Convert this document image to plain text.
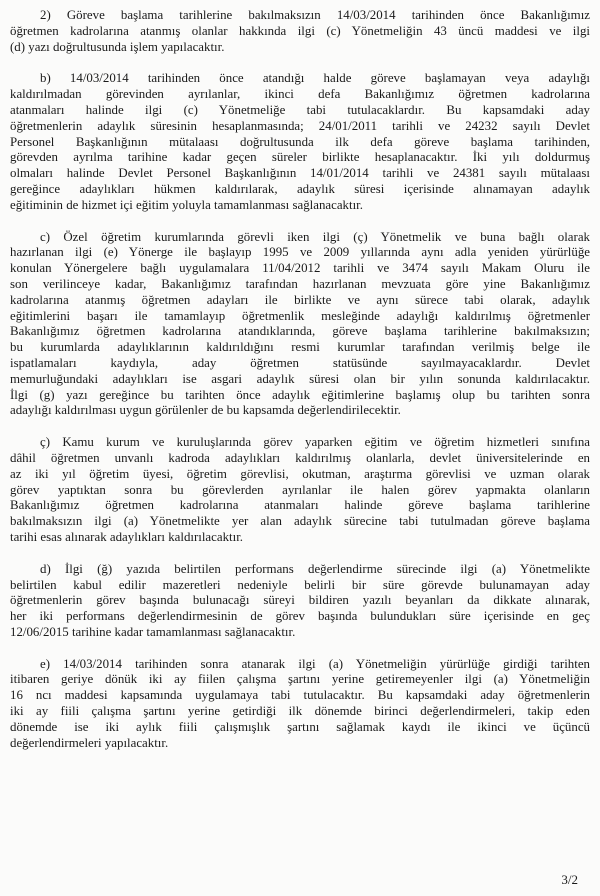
2) Göreve başlama tarihlerine bakılmaksızın 14/03/2014 tarihinden önce Bakanlığımız
öğretmen kadrolarına atanmış olanlar hakkında ilgi (c) Yönetmeliğin 43 üncü maddesi ve ilgi
(d) yazı doğrultusunda işlem yapılacaktır.
b) 14/03/2014 tarihinden önce atandığı halde göreve başlamayan veya adaylığı
kaldırılmadan görevinden ayrılanlar, ikinci defa Bakanlığımız öğretmen kadrolarına
atanmaları halinde ilgi (c) Yönetmeliğe tabi tutulacaklardır. Bu kapsamdaki aday
öğretmenlerin adaylık süresinin hesaplanmasında; 24/01/2011 tarihli ve 24232 sayılı Devlet
Personel Başkanlığının mütalaası doğrultusunda ilk defa göreve başlama tarihinden,
görevden ayrılma tarihine kadar geçen süreler birlikte hesaplanacaktır. İki yılı doldurmuş
olmaları halinde Devlet Personel Başkanlığının 14/01/2014 tarihli ve 24381 sayılı mütalaası
gereğince adaylıkları hükmen kaldırılarak, adaylık süresi içerisinde alınamayan adaylık
eğitiminin de hizmet içi eğitim yoluyla tamamlanması sağlanacaktır.
c) Özel öğretim kurumlarında görevli iken ilgi (ç) Yönetmelik ve buna bağlı olarak
hazırlanan ilgi (e) Yönerge ile başlayıp 1995 ve 2009 yıllarında aynı adla yeniden yürürlüğe
konulan Yönergelere bağlı uygulamalara 11/04/2012 tarihli ve 3474 sayılı Makam Oluru ile
son verilinceye kadar, Bakanlığımız tarafından hazırlanan mevzuata göre yine Bakanlığımız
kadrolarına atanmış öğretmen adayları ile birlikte ve aynı sürece tabi olarak, adaylık
eğitimlerini başarı ile tamamlayıp öğretmenlik mesleğinde adaylığı kaldırılmış öğretmenler
Bakanlığımız öğretmen kadrolarına atandıklarında, göreve başlama tarihlerine bakılmaksızın;
bu kurumlarda adaylıklarının kaldırıldığını resmi kurumlar tarafından verilmiş belge ile
ispatlamaları kaydıyla, aday öğretmen statüsünde sayılmayacaklardır. Devlet
memurluğundaki adaylıkları ise asgari adaylık süresi olan bir yılın sonunda kaldırılacaktır.
İlgi (g) yazı gereğince bu tarihten önce adaylık eğitimlerine başlamış olup bu tarihten sonra
adaylığı kaldırılması uygun görülenler de bu kapsamda değerlendirilecektir.
ç) Kamu kurum ve kuruluşlarında görev yaparken eğitim ve öğretim hizmetleri sınıfına
dâhil öğretmen unvanlı kadroda adaylıkları kaldırılmış olanlarla, devlet üniversitelerinde en
az iki yıl öğretim üyesi, öğretim görevlisi, okutman, araştırma görevlisi ve uzman olarak
görev yaptıktan sonra bu görevlerden ayrılanlar ile halen görev yapmakta olanların
Bakanlığımız öğretmen kadrolarına atanmaları halinde göreve başlama tarihlerine
bakılmaksızın ilgi (a) Yönetmelikte yer alan adaylık sürecine tabi tutulmadan göreve başlama
tarihi esas alınarak adaylıkları kaldırılacaktır.
d) İlgi (ğ) yazıda belirtilen performans değerlendirme sürecinde ilgi (a) Yönetmelikte
belirtilen kabul edilir mazeretleri nedeniyle belirli bir süre görevde bulunamayan aday
öğretmenlerin görev başında bulunacağı süreyi bildiren yazılı beyanları da dikkate alınarak,
her iki performans değerlendirmesinin de görev başında bulundukları süre içerisinde en geç
12/06/2015 tarihine kadar tamamlanması sağlanacaktır.
e) 14/03/2014 tarihinden sonra atanarak ilgi (a) Yönetmeliğin yürürlüğe girdiği tarihten
itibaren geriye dönük iki ay fiilen çalışma şartını yerine getiremeyenler ilgi (a) Yönetmeliğin
16 ncı maddesi kapsamında uygulamaya tabi tutulacaktır. Bu kapsamdaki aday öğretmenlerin
iki ay fiili çalışma şartını yerine getirdiği ilk dönemde birinci değerlendirmeleri, takip eden
dönemde ise iki aylık fiili çalışmışlık şartını sağlamak kaydı ile ikinci ve üçüncü
değerlendirmeleri yapılacaktır.
3/2
